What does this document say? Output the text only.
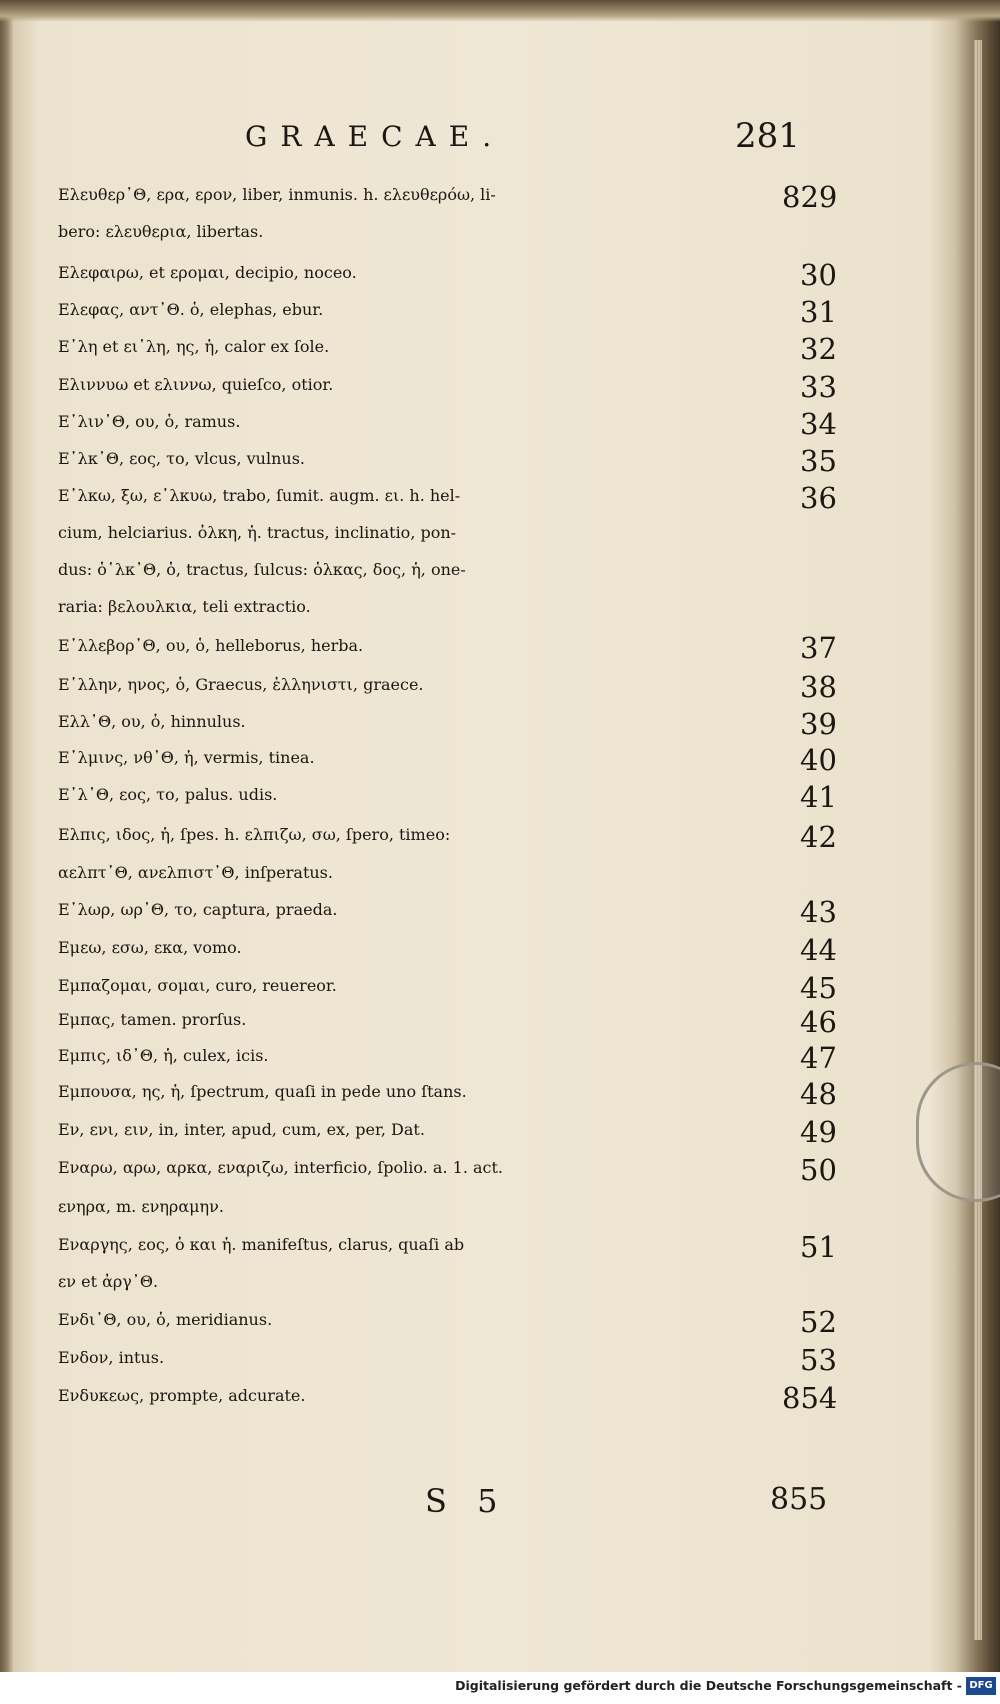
GRAECAE.	281
Ελευθερ᾿Θ, ερα, ερον, liber, inmunis. h. ελευθερόω, li-	829
bero: ελευθερια, libertas.
Ελεφαιρω, et ερομαι, decipio, noceo.	30
Ελεφας, αντ᾿Θ. ὁ, elephas, ebur.	31
Ε῾λη et ει῾λη, ης, ἡ, calor ex ſole.	32
Ελιννυω et ελιννω, quieſco, otior.	33
Ε῾λιν᾿Θ, ου, ὁ, ramus.	34
Ε῾λκ᾿Θ, εος, το, vlcus, vulnus.	35
Ε῾λκω, ξω, ε῾λκυω, trabo, ſumit. augm. ει. h. hel-	36
cium, helciarius. ὁλκη, ἡ. tractus, inclinatio, pon-
dus: ὁ῾λκ᾿Θ, ὁ, tractus, ſulcus: ὁλκας, δος, ἡ, one-
raria: βελουλκια, teli extractio.
Ε῾λλεβορ᾿Θ, ου, ὁ, helleborus, herba.	37
Ε῾λλην, ηνος, ὁ, Graecus, ἑλληνιστι, graece.	38
Ελλ᾿Θ, ου, ὁ, hinnulus.	39
Ε῾λμινς, νθ᾿Θ, ἡ, vermis, tinea.	40
Ε῾λ᾿Θ, εος, το, palus. udis.	41
Ελπις, ιδος, ἡ, ſpes. h. ελπιζω, σω, ſpero, timeo:	42
αελπτ᾿Θ, ανελπιστ᾿Θ, inſperatus.
Ε῾λωρ, ωρ᾿Θ, το, captura, praeda.	43
Εμεω, εσω, εκα, vomo.	44
Εμπαζομαι, σομαι, curo, reuereor.	45
Εμπας, tamen. prorſus.	46
Εμπις, ιδ᾿Θ, ἡ, culex, icis.	47
Εμπουσα, ης, ἡ, ſpectrum, quaſi in pede uno ſtans.	48
Εν, ενι, ειν, in, inter, apud, cum, ex, per, Dat.	49
Εναρω, αρω, αρκα, εναριζω, interficio, ſpolio. a. 1. act.	50
ενηρα, m. ενηραμην.
Εναργης, εος, ὁ και ἡ. manifeſtus, clarus, quaſi ab	51
εν et ἀργ᾿Θ.
Ενδι᾿Θ, ου, ὁ, meridianus.	52
Ενδον, intus.	53
Ενδυκεως, prompte, adcurate.	854
S 5	855
Digitalisierung gefördert durch die Deutsche Forschungsgemeinschaft - DFG
